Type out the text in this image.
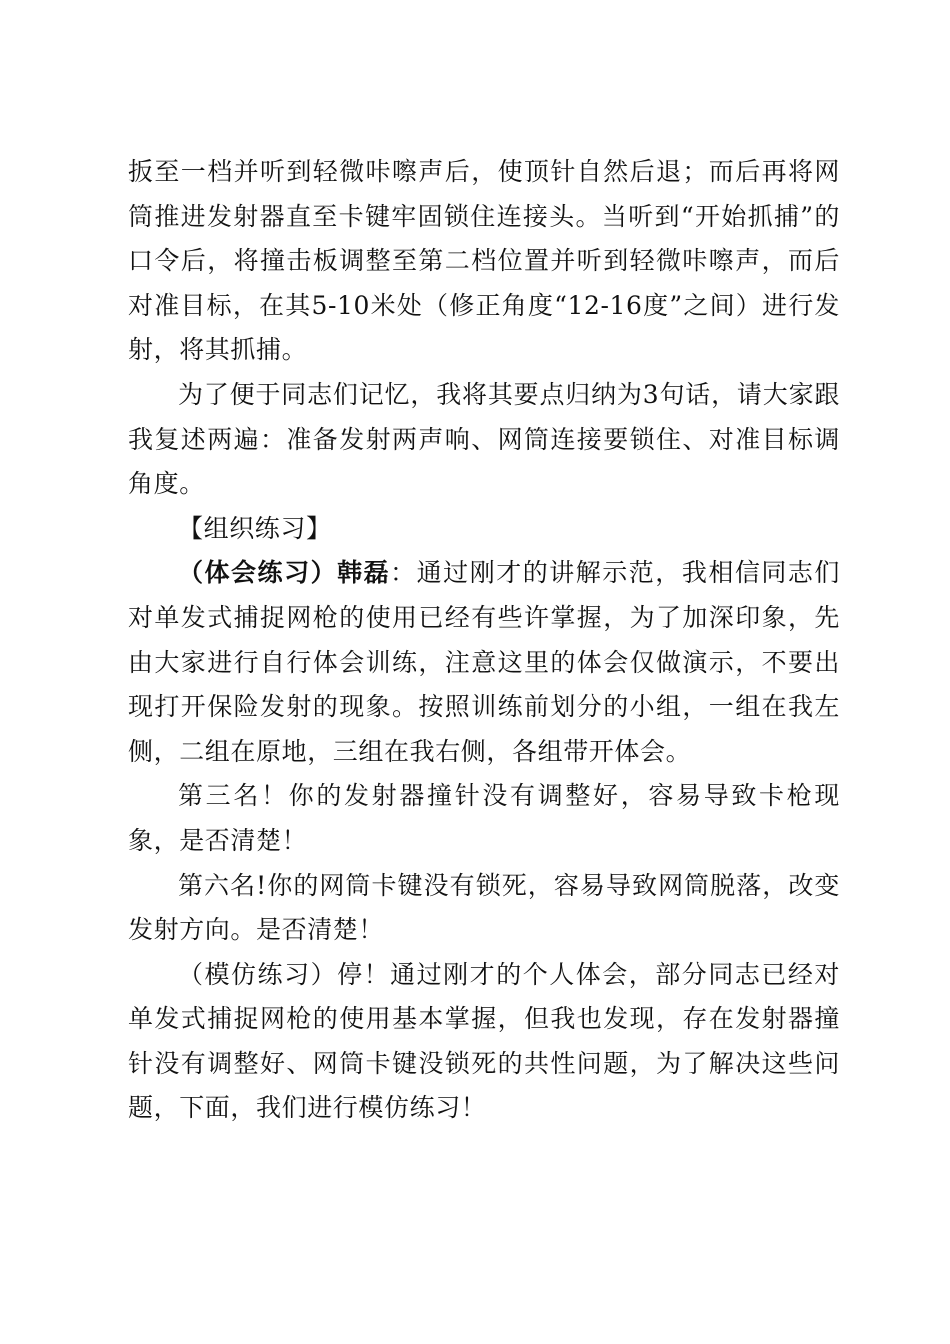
扳至一档并听到轻微咔嚓声后，使顶针自然后退；而后再将网筒推进发射器直至卡键牢固锁住连接头。当听到“开始抓捕”的口令后，将撞击板调整至第二档位置并听到轻微咔嚓声，而后对准目标，在其5-10米处（修正角度“12-16度”之间）进行发射，将其抓捕。

为了便于同志们记忆，我将其要点归纳为3句话，请大家跟我复述两遍：准备发射两声响、网筒连接要锁住、对准目标调角度。

【组织练习】

（体会练习）韩磊：通过刚才的讲解示范，我相信同志们对单发式捕捉网枪的使用已经有些许掌握，为了加深印象，先由大家进行自行体会训练，注意这里的体会仅做演示，不要出现打开保险发射的现象。按照训练前划分的小组，一组在我左侧，二组在原地，三组在我右侧，各组带开体会。

第三名！你的发射器撞针没有调整好，容易导致卡枪现象，是否清楚！

第六名!你的网筒卡键没有锁死，容易导致网筒脱落，改变发射方向。是否清楚！

（模仿练习）停！通过刚才的个人体会，部分同志已经对单发式捕捉网枪的使用基本掌握，但我也发现，存在发射器撞针没有调整好、网筒卡键没锁死的共性问题，为了解决这些问题，下面，我们进行模仿练习！
